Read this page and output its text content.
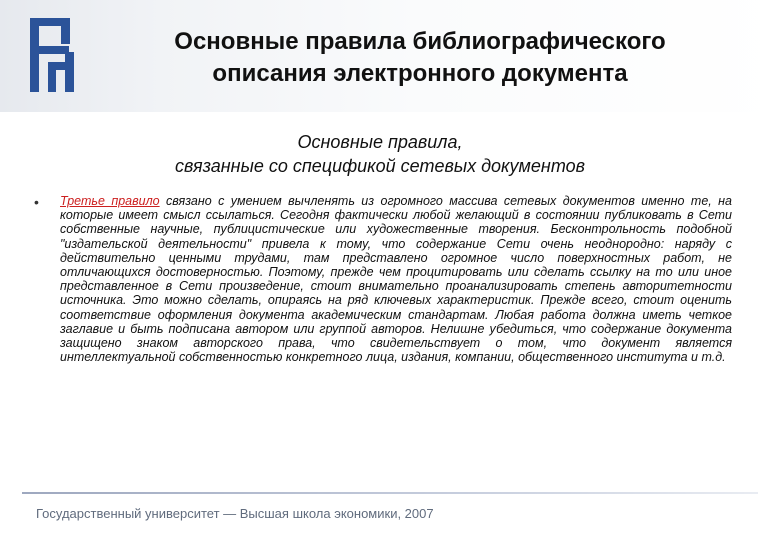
Основные правила библиографического
описания электронного документа
Основные правила,
связанные со спецификой сетевых документов
• Третье правило связано с умением вычленять из огромного массива сетевых документов именно те, на которые имеет смысл ссылаться. Сегодня фактически любой желающий в состоянии публиковать в Сети собственные научные, публицистические или художественные творения. Бесконтрольность подобной "издательской деятельности" привела к тому, что содержание Сети очень неоднородно: наряду с действительно ценными трудами, там представлено огромное число поверхностных работ, не отличающихся достоверностью. Поэтому, прежде чем процитировать или сделать ссылку на то или иное представленное в Сети произведение, стоит внимательно проанализировать степень авторитетности источника. Это можно сделать, опираясь на ряд ключевых характеристик. Прежде всего, стоит оценить соответствие оформления документа академическим стандартам. Любая работа должна иметь четкое заглавие и быть подписана автором или группой авторов. Нелишне убедиться, что содержание документа защищено знаком авторского права, что свидетельствует о том, что документ является интеллектуальной собственностью конкретного лица, издания, компании, общественного института и т.д.
Государственный университет — Высшая школа экономики, 2007
